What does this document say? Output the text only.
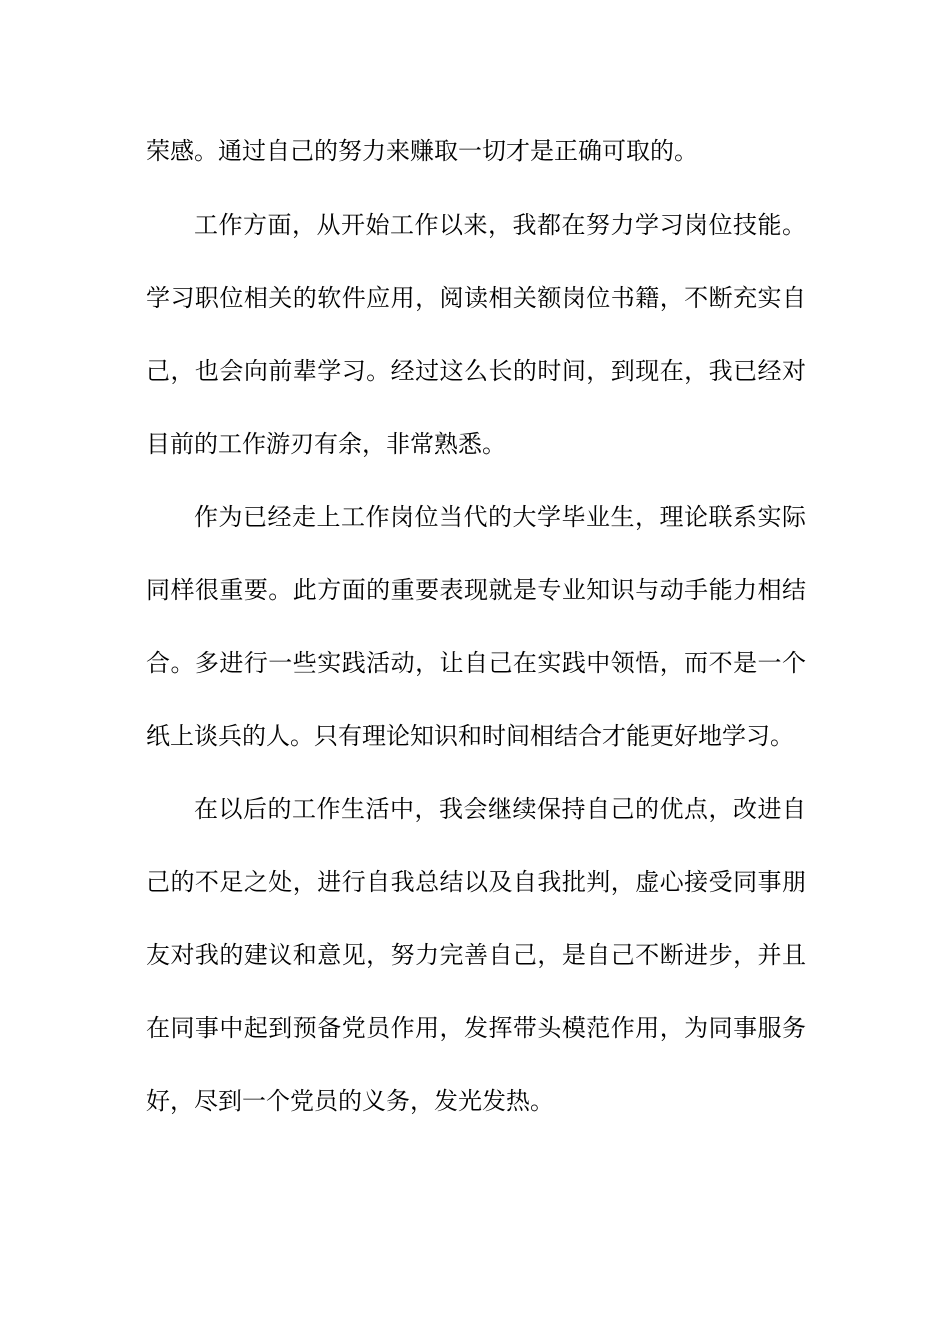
荣感。通过自己的努力来赚取一切才是正确可取的。
工作方面，从开始工作以来，我都在努力学习岗位技能。
学习职位相关的软件应用，阅读相关额岗位书籍，不断充实自
己，也会向前辈学习。经过这么长的时间，到现在，我已经对
目前的工作游刃有余，非常熟悉。
作为已经走上工作岗位当代的大学毕业生，理论联系实际
同样很重要。此方面的重要表现就是专业知识与动手能力相结
合。多进行一些实践活动，让自己在实践中领悟，而不是一个
纸上谈兵的人。只有理论知识和时间相结合才能更好地学习。
在以后的工作生活中，我会继续保持自己的优点，改进自
己的不足之处，进行自我总结以及自我批判，虚心接受同事朋
友对我的建议和意见，努力完善自己，是自己不断进步，并且
在同事中起到预备党员作用，发挥带头模范作用，为同事服务
好，尽到一个党员的义务，发光发热。
